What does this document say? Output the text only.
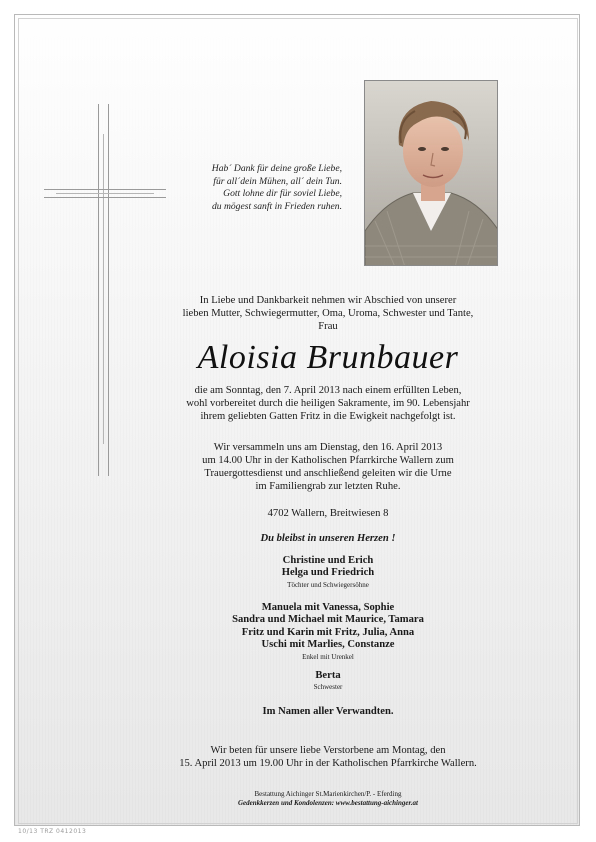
Hab´ Dank für deine große Liebe,
für all´dein Mühen, all´ dein Tun.
Gott lohne dir für soviel Liebe,
du mögest sanft in Frieden ruhen.
In Liebe und Dankbarkeit nehmen wir Abschied von unserer
lieben Mutter, Schwiegermutter, Oma, Uroma, Schwester und Tante,
Frau
Aloisia Brunbauer
die am Sonntag, den 7. April 2013 nach einem erfüllten Leben,
wohl vorbereitet durch die heiligen Sakramente, im 90. Lebensjahr
ihrem geliebten Gatten Fritz in die Ewigkeit nachgefolgt ist.
Wir versammeln uns am Dienstag, den 16. April 2013
um 14.00 Uhr in der Katholischen Pfarrkirche Wallern zum
Trauergottesdienst und anschließend geleiten wir die Urne
im Familiengrab zur letzten Ruhe.
4702 Wallern, Breitwiesen 8
Du bleibst in unseren Herzen !
Christine und Erich
Helga und Friedrich
Töchter und Schwiegersöhne
Manuela mit Vanessa, Sophie
Sandra und Michael mit Maurice, Tamara
Fritz und Karin mit Fritz, Julia, Anna
Uschi mit Marlies, Constanze
Enkel mit Urenkel
Berta
Schwester
Im Namen aller Verwandten.
Wir beten für unsere liebe Verstorbene am Montag, den
15. April 2013 um 19.00 Uhr in der Katholischen Pfarrkirche Wallern.
Bestattung Aichinger St.Marienkirchen/P. - Eferding
Gedenkkerzen und Kondolenzen: www.bestattung-aichinger.at
10/13 TRZ 0412013
